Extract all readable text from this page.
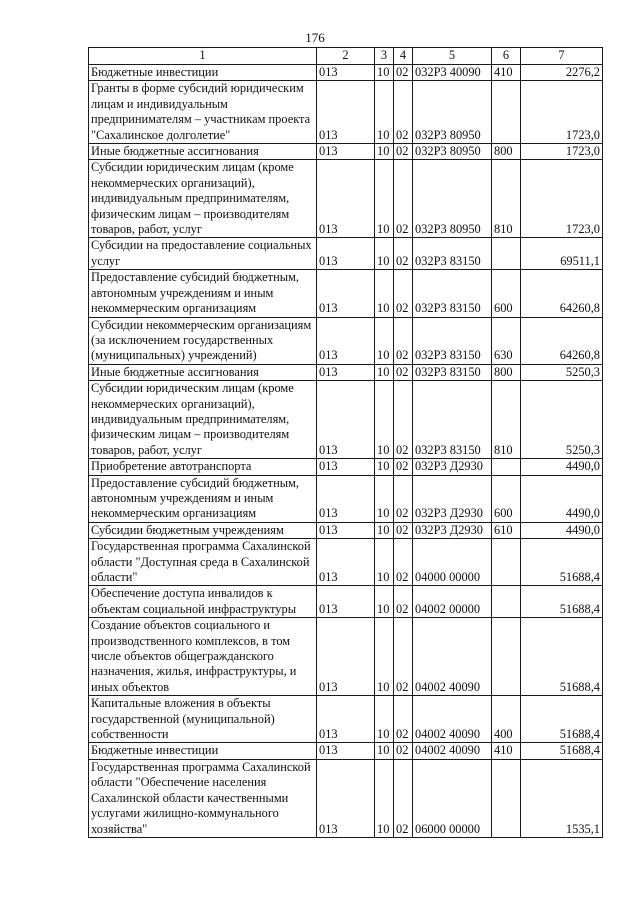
176
1	2	3	4	5	6	7
Бюджетные инвестиции	013	10	02	032Р3 40090	410	2276,2
Гранты в форме субсидий юридическим лицам и индивидуальным предпринимателям – участникам проекта "Сахалинское долголетие"	013	10	02	032Р3 80950		1723,0
Иные бюджетные ассигнования	013	10	02	032Р3 80950	800	1723,0
Субсидии юридическим лицам (кроме некоммерческих организаций), индивидуальным предпринимателям, физическим лицам – производителям товаров, работ, услуг	013	10	02	032Р3 80950	810	1723,0
Субсидии на предоставление социальных услуг	013	10	02	032Р3 83150		69511,1
Предоставление субсидий бюджетным, автономным учреждениям и иным некоммерческим организациям	013	10	02	032Р3 83150	600	64260,8
Субсидии некоммерческим организациям (за исключением государственных (муниципальных) учреждений)	013	10	02	032Р3 83150	630	64260,8
Иные бюджетные ассигнования	013	10	02	032Р3 83150	800	5250,3
Субсидии юридическим лицам (кроме некоммерческих организаций), индивидуальным предпринимателям, физическим лицам – производителям товаров, работ, услуг	013	10	02	032Р3 83150	810	5250,3
Приобретение автотранспорта	013	10	02	032Р3 Д2930		4490,0
Предоставление субсидий бюджетным, автономным учреждениям и иным некоммерческим организациям	013	10	02	032Р3 Д2930	600	4490,0
Субсидии бюджетным учреждениям	013	10	02	032Р3 Д2930	610	4490,0
Государственная программа Сахалинской области "Доступная среда в Сахалинской области"	013	10	02	04000 00000		51688,4
Обеспечение доступа инвалидов к объектам социальной инфраструктуры	013	10	02	04002 00000		51688,4
Создание объектов социального и производственного комплексов, в том числе объектов общегражданского назначения, жилья, инфраструктуры, и иных объектов	013	10	02	04002 40090		51688,4
Капитальные вложения в объекты государственной (муниципальной) собственности	013	10	02	04002 40090	400	51688,4
Бюджетные инвестиции	013	10	02	04002 40090	410	51688,4
Государственная программа Сахалинской области "Обеспечение населения Сахалинской области качественными услугами жилищно-коммунального хозяйства"	013	10	02	06000 00000		1535,1
